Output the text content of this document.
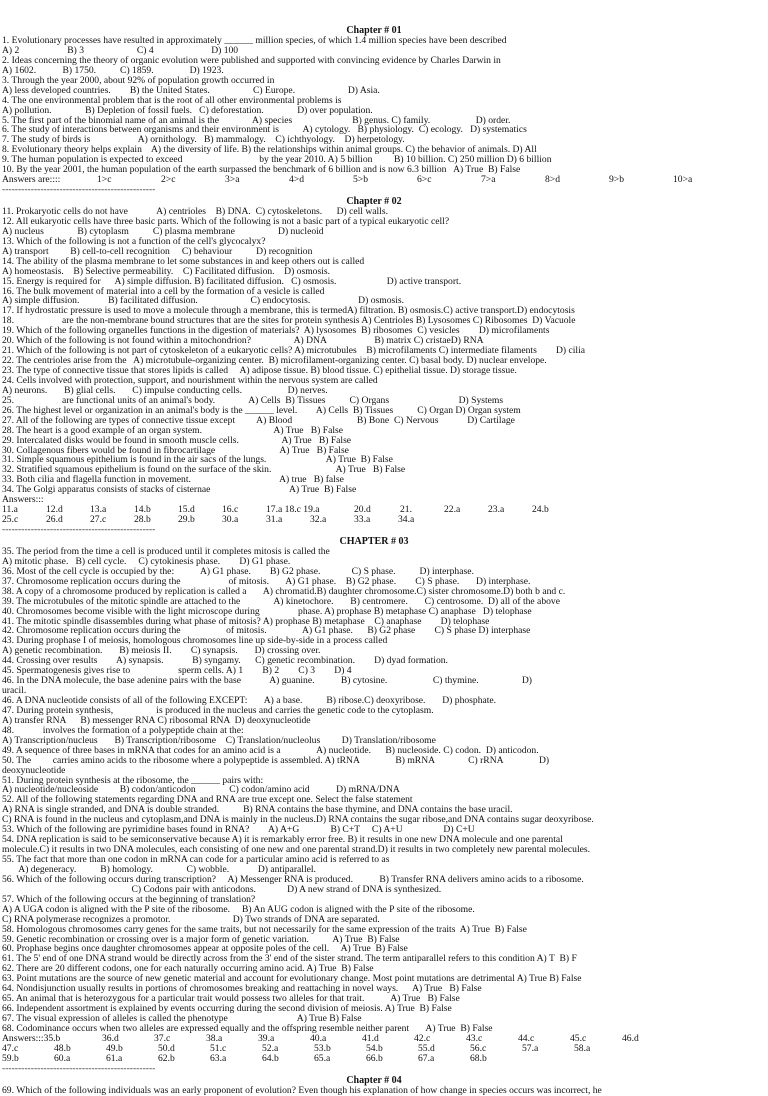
Chapter # 01
1. Evolutionary processes have resulted in approximately ______ million species, of which 1.4 million species have been described
A) 2                    B) 3                      C) 4                        D) 100
2. Ideas concerning the theory of organic evolution were published and supported with convincing evidence by Charles Darwin in
A) 1602.           B) 1750.          C) 1859.               D) 1923.
3. Through the year 2000, about 92% of population growth occurred in
A) less developed countries.        B) the United States.                  C) Europe.                      D) Asia.
4. The one environmental problem that is the root of all other environmental problems is
A) pollution.              B) Depletion of fossil fuels.   C) deforestation.              D) over population.
5. The first part of the binomial name of an animal is the              A) species                         B) genus. C) family.                   D) order.
6. The study of interactions between organisms and their environment is          A) cytology.   B) physiology.  C) ecology.   D) systematics
7. The study of birds is                    A) ornithology.   B) mammalogy.    C) ichthyology.    D) herpetology.
8. Evolutionary theory helps explain    A) the diversity of life. B) the relationships within animal groups. C) the behavior of animals. D) All
9. The human population is expected to exceed                                by the year 2010. A) 5 billion         B) 10 billion. C) 250 million D) 6 billion
10. By the year 2001, the human population of the earth surpassed the benchmark of 6 billion and is now 6.3 billion   A) True  B) False
Answers are::::	1>c	2>c	3>a	4>d	5>b	6>c	7>a	8>d	9>b	10>a
------------------------------------------------
Chapter # 02
11. Prokaryotic cells do not have            A) centrioles    B) DNA.  C) cytoskeletons.      D) cell walls.
12. All eukaryotic cells have three basic parts. Which of the following is not a basic part of a typical eukaryotic cell?
A) nucleus              B) cytoplasm          C) plasma membrane                  D) nucleoid
13. Which of the following is not a function of the cell's glycocalyx?
A) transport         B) cell-to-cell recognition     C) behaviour          D) recognition
14. The ability of the plasma membrane to let some substances in and keep others out is called
A) homeostasis.    B) Selective permeability.    C) Facilitated diffusion.    D) osmosis.
15. Energy is required for      A) simple diffusion. B) facilitated diffusion.   C) osmosis.                     D) active transport.
16. The bulk movement of material into a cell by the formation of a vesicle is called
A) simple diffusion.            B) facilitated diffusion.                      C) endocytosis.                    D) osmosis.
17. If hydrostatic pressure is used to move a molecule through a membrane, this is termedA) filtration. B) osmosis.C) active transport.D) endocytosis
18.                    are the non-membrane bound structures that are the sites for protein synthesis A) Centrioles B) Lysosomes C) Ribosomes  D) Vacuole
19. Which of the following organelles functions in the digestion of materials?  A) lysosomes  B) ribosomes  C) vesicles        D) microfilaments
20. Which of the following is not found within a mitochondrion?                  A) DNA                    B) matrix C) cristaeD) RNA
21. Which of the following is not part of cytoskeleton of a eukaryotic cells? A) microtubules    B) microfilaments C) intermediate filaments        D) cilia
22. The centrioles arise from the   A) microtubule-organizing center.  B) microfilament-organizing center. C) basal body. D) nuclear envelope.
23. The type of connective tissue that stores lipids is called     A) adipose tissue. B) blood tissue. C) epithelial tissue. D) storage tissue.
24. Cells involved with protection, support, and nourishment within the nervous system are called
A) neurons.       B) glial cells.       C) impulse conducting cells.                   D) nerves.
25.                    are functional units of an animal's body.              A) Cells  B) Tissues          C) Organs                             D) Systems
26. The highest level or organization in an animal's body is the ______ level.        A) Cells  B) Tissues          C) Organ D) Organ system
27. All of the following are types of connective tissue except         A) Blood                           B) Bone  C) Nervous            D) Cartilage
28. The heart is a good example of an organ system.                              A) True   B) False
29. Intercalated disks would be found in smooth muscle cells.                  A) True   B) False
30. Collagenous fibers would be found in fibrocartilage                           A) True   B) False
31. Simple squamous epithelium is found in the air sacs of the lungs.                         A) True  B) False
32. Stratified squamous epithelium is found on the surface of the skin.                           A) True   B) False
33. Both cilia and flagella function in movement.                                     A) true   B) false
34. The Golgi apparatus consists of stacks of cisternae                                 A) True  B) False
Answers:::
11.a	12.d	13.a	14.b	15.d	16.c	17.a 18.c 19.a	20.d	21.	22.a	23.a	24.b
25.c	26.d	27.c	28.b	29.b	30.a	31.a	32.a	33.a	34.a
------------------------------------------------
CHAPTER # 03
35. The period from the time a cell is produced until it completes mitosis is called the
A) mitotic phase.   B) cell cycle.     C) cytokinesis phase.        D) G1 phase.
36. Most of the cell cycle is occupied by the:           A) G1 phase.        B) G2 phase.             C) S phase.          D) interphase.
37. Chromosome replication occurs during the                    of mitosis.       A) G1 phase.    B) G2 phase.        C) S phase.       D) interphase.
38. A copy of a chromosome produced by replication is called a       A) chromatid.B) daughter chromosome.C) sister chromosome.D) both b and c.
39. The microtubules of the mitotic spindle are attached to the              A) kinetochore.       B) centromere.       C) centrosome.  D) all of the above
40. Chromosomes become visible with the light microscope during                phase. A) prophase B) metaphase C) anaphase   D) telophase
41. The mitotic spindle disassembles during what phase of mitosis? A) prophase B) metaphase    C) anaphase        D) telophase
42. Chromosome replication occurs during the                   of mitosis.               A) G1 phase.      B) G2 phase        C) S phase D) interphase
43. During prophase I of meiosis, homologous chromosomes line up side-by-side in a process called
A) genetic recombination.       B) meiosis II.        C) synapsis.       D) crossing over.
44. Crossing over results        A) synapsis.            B) syngamy.      C) genetic recombination.        D) dyad formation.
45. Spermatogenesis gives rise to                    sperm cells. A) 1        B) 2        C) 3        D) 4
46. In the DNA molecule, the base adenine pairs with the base            A) guanine.           B) cytosine.                   C) thymine.                  D)
uracil.
46. A DNA nucleotide consists of all of the following EXCEPT:       A) a base.          B) ribose.C) deoxyribose.       D) phosphate.
47. During protein synthesis,                  is produced in the nucleus and carries the genetic code to the cytoplasm.
A) transfer RNA      B) messenger RNA C) ribosomal RNA  D) deoxynucleotide
48.            involves the formation of a polypeptide chain at the:
A) Transcription/nucleus       B) Transcription/ribosome    C) Translation/nucleolus         D) Translation/ribosome
49. A sequence of three bases in mRNA that codes for an amino acid is a               A) nucleotide.      B) nucleoside. C) codon.  D) anticodon.
50. The         carries amino acids to the ribosome where a polypeptide is assembled. A) tRNA               B) mRNA              C) rRNA               D)
deoxynucleotide
51. During protein synthesis at the ribosome, the ______ pairs with:
A) nucleotide/nucleoside         B) codon/anticodon              C) codon/amino acid           D) mRNA/DNA
52. All of the following statements regarding DNA and RNA are true except one. Select the false statement
A) RNA is single stranded, and DNA is double stranded.          B) RNA contains the base thymine, and DNA contains the base uracil.
C) RNA is found in the nucleus and cytoplasm,and DNA is mainly in the nucleus.D) RNA contains the sugar ribose,and DNA contains sugar deoxyribose.
53. Which of the following are pyrimidine bases found in RNA?        A) A+G             B) C+T     C) A+U                 D) C+U
54. DNA replication is said to be semiconservative because A) it is remarkably error free. B) it results in one new DNA molecule and one parental
molecule.C) it results in two DNA molecules, each consisting of one new and one parental strand.D) it results in two completely new parental molecules.
55. The fact that more than one codon in mRNA can code for a particular amino acid is referred to as
A) degeneracy.          B) homology.              C) wobble.            D) antiparallel.
56. Which of the following occurs during transcription?     A) Messenger RNA is produced.           B) Transfer RNA delivers amino acids to a ribosome.
C) Codons pair with anticodons.             D) A new strand of DNA is synthesized.
57. Which of the following occurs at the beginning of translation?
A) A UGA codon is aligned with the P site of the ribosome.     B) An AUG codon is aligned with the P site of the ribosome.
C) RNA polymerase recognizes a promotor.                          D) Two strands of DNA are separated.
58. Homologous chromosomes carry genes for the same traits, but not necessarily for the same expression of the traits  A) True  B) False
59. Genetic recombination or crossing over is a major form of genetic variation.          A) True  B) False
60. Prophase begins once daughter chromosomes appear at opposite poles of the cell.     A) True  B) False
61. The 5' end of one DNA strand would be directly across from the 3' end of the sister strand. The term antiparallel refers to this condition A) T  B) F
62. There are 20 different codons, one for each naturally occurring amino acid. A) True  B) False
63. Point mutations are the source of new genetic material and account for evolutionary change. Most point mutations are detrimental A) True B) False
64. Nondisjunction usually results in portions of chromosomes breaking and reattaching in novel ways.      A) True   B) False
65. An animal that is heterozygous for a particular trait would possess two alleles for that trait.           A) True   B) False
66. Independent assortment is explained by events occurring during the second division of meiosis. A) True  B) False
67. The visual expression of alleles is called the phenotype                             A) True B) False
68. Codominance occurs when two alleles are expressed equally and the offspring resemble neither parent       A) True  B) False
Answers:::35.b	36.d	37.c	38.a	39.a	40.a	41.d	42.c	43.c	44.c	45.c	46.d
47.c	48.b	49.b	50.d	51.c	52.a	53.b	54.b	55.d	56.c	57.a	58.a
59.b	60.a	61.a	62.b	63.a	64.b	65.a	66.b	67.a	68.b
------------------------------------------------
Chapter # 04
69. Which of the following individuals was an early proponent of evolution? Even though his explanation of how change in species occurs was incorrect, he
